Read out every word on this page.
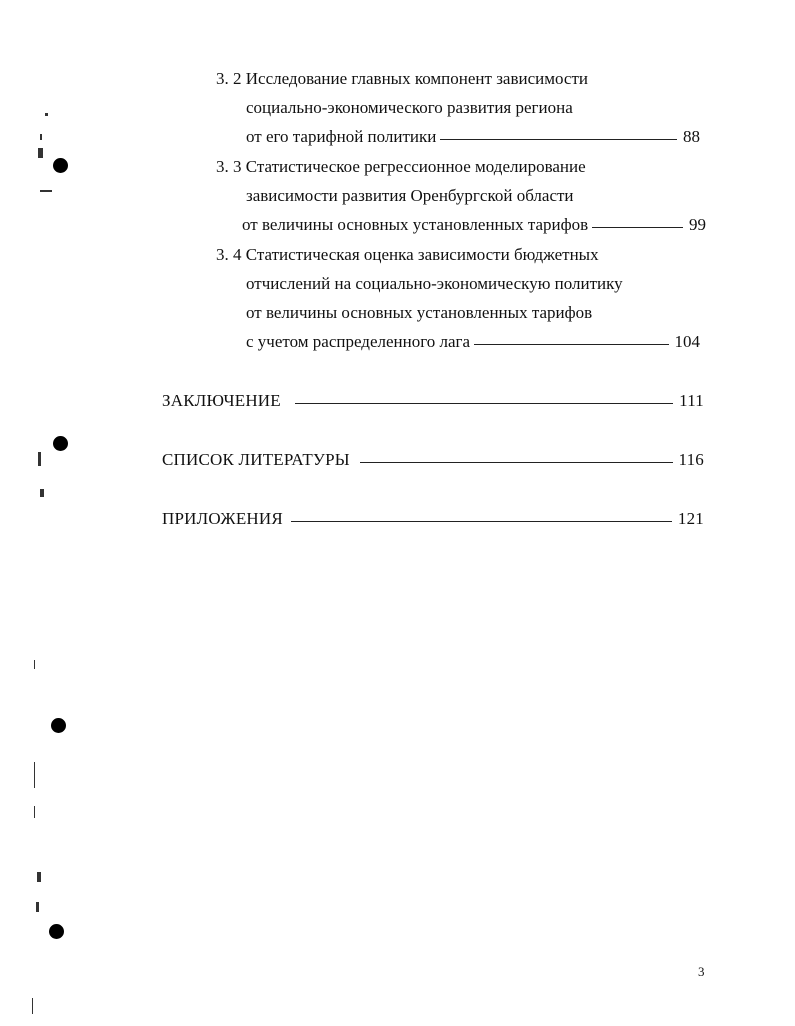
3. 2 Исследование главных компонент зависимости
социально-экономического развития региона
от его тарифной политики	88
3. 3 Статистическое регрессионное моделирование
зависимости развития Оренбургской области
от величины основных установленных тарифов	99
3. 4 Статистическая оценка зависимости бюджетных
отчислений на социально-экономическую политику
от величины основных установленных тарифов
с учетом распределенного лага	104
ЗАКЛЮЧЕНИЕ	111
СПИСОК ЛИТЕРАТУРЫ	116
ПРИЛОЖЕНИЯ	121
3
